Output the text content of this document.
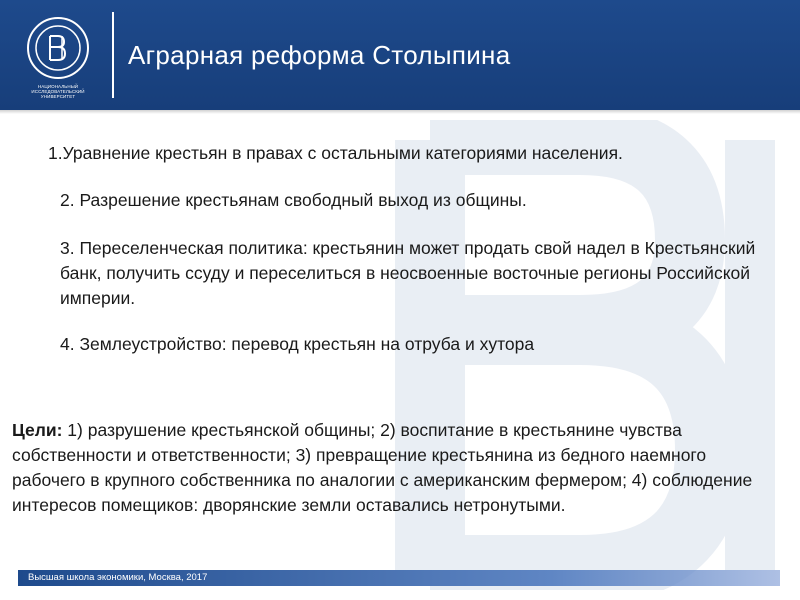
НАЦИОНАЛЬНЫЙ ИССЛЕДОВАТЕЛЬСКИЙ
УНИВЕРСИТЕТ
Аграрная реформа Столыпина
1.Уравнение крестьян в правах с остальными категориями населения.
2. Разрешение крестьянам свободный выход из общины.
3. Переселенческая политика: крестьянин может продать свой надел в Крестьянский банк, получить ссуду и переселиться в неосвоенные восточные регионы Российской империи.
4. Землеустройство: перевод крестьян на отруба и хутора
Цели: 1) разрушение крестьянской общины; 2) воспитание в крестьянине чувства собственности и ответственности; 3) превращение крестьянина из бедного наемного рабочего в крупного собственника по аналогии с американским фермером; 4) соблюдение интересов помещиков: дворянские земли оставались нетронутыми.
Высшая школа экономики, Москва, 2017
